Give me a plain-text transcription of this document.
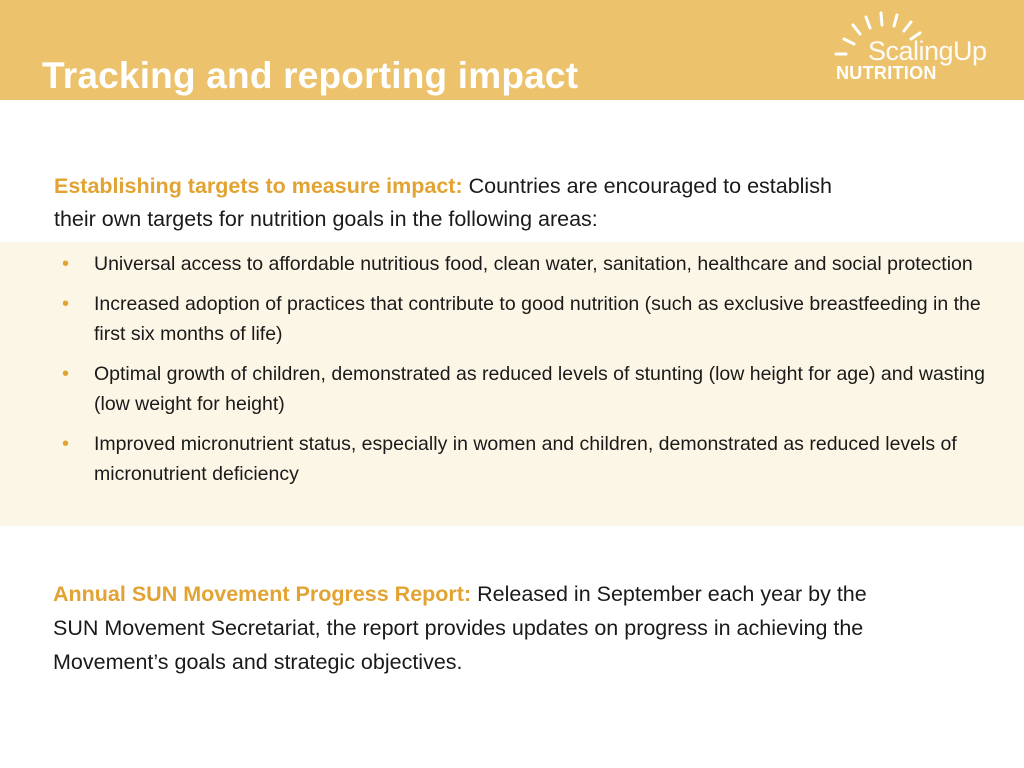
Tracking and reporting impact
ScalingUp
NUTRITION

Establishing targets to measure impact: Countries are encouraged to establish their own targets for nutrition goals in the following areas:

• Universal access to affordable nutritious food, clean water, sanitation, healthcare and social protection
• Increased adoption of practices that contribute to good nutrition (such as exclusive breastfeeding in the first six months of life)
• Optimal growth of children, demonstrated as reduced levels of stunting (low height for age) and wasting (low weight for height)
• Improved micronutrient status, especially in women and children, demonstrated as reduced levels of micronutrient deficiency

Annual SUN Movement Progress Report: Released in September each year by the SUN Movement Secretariat, the report provides updates on progress in achieving the Movement’s goals and strategic objectives.
